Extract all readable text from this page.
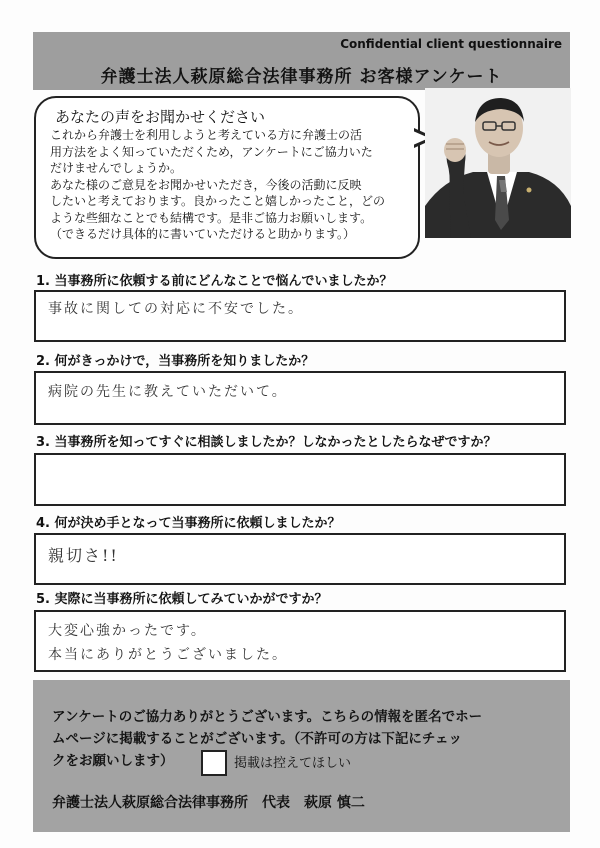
Confidential client questionnaire
弁護士法人萩原総合法律事務所 お客様アンケート
あなたの声をお聞かせください

これから弁護士を利用しようと考えている方に弁護士の活

用方法をよく知っていただくため，アンケートにご協力いた

だけませんでしょうか。

あなた様のご意見をお聞かせいただき，今後の活動に反映

したいと考えております。良かったこと嬉しかったこと，どの

ような些細なことでも結構です。是非ご協力お願いします。

（できるだけ具体的に書いていただけると助かります。）

1. 当事務所に依頼する前にどんなことで悩んでいましたか？
事故に関しての対応に不安でした。
2. 何がきっかけで，当事務所を知りましたか？
病院の先生に教えていただいて。
3. 当事務所を知ってすぐに相談しましたか？しなかったとしたらなぜですか？
4. 何が決め手となって当事務所に依頼しましたか？
親切さ!!
5. 実際に当事務所に依頼してみていかがですか？
大変心強かったです。
本当にありがとうございました。
アンケートのご協力ありがとうございます。こちらの情報を匿名でホー
ムページに掲載することがございます。（不許可の方は下記にチェッ
クをお願いします）	掲載は控えてほしい
弁護士法人萩原総合法律事務所　代表　萩原 慎二
